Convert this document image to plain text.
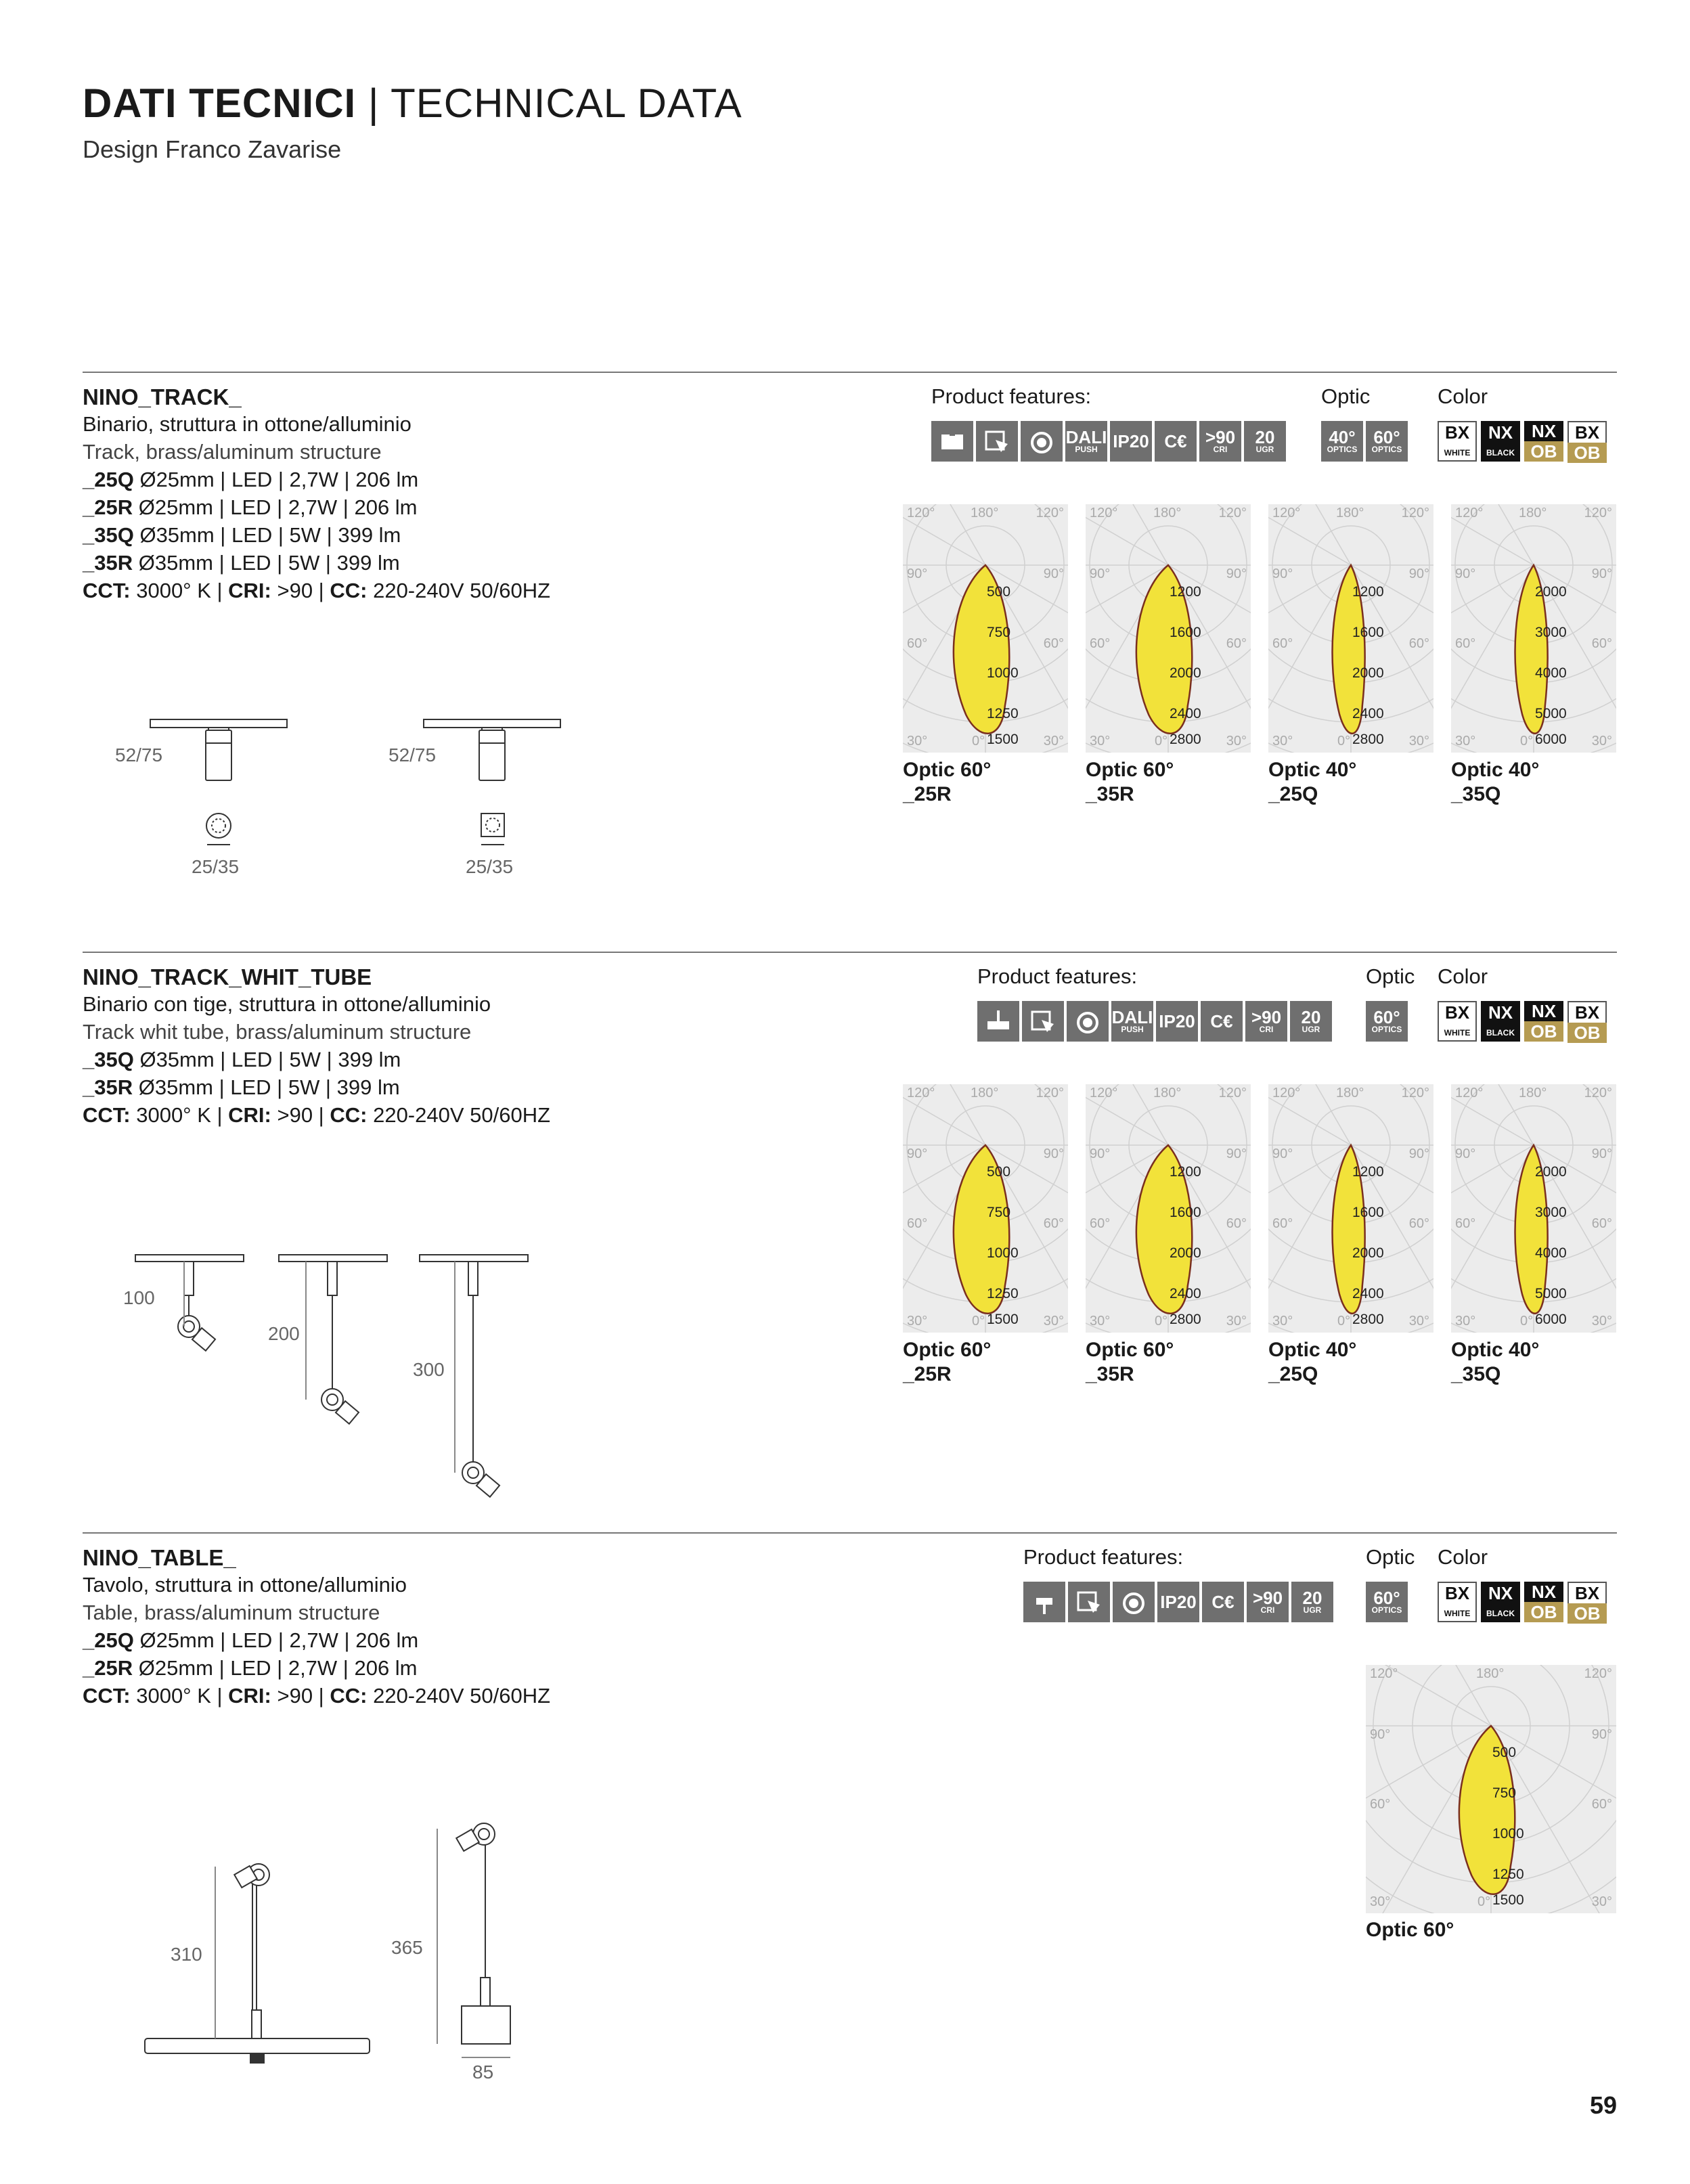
DATI TECNICI | TECHNICAL DATA
Design Franco Zavarise
NINO_TRACK_
Binario, struttura in ottone/alluminio
Track, brass/aluminum structure
_25Q Ø25mm | LED | 2,7W | 206 lm
_25R Ø25mm | LED | 2,7W | 206 lm
_35Q Ø35mm | LED | 5W | 399 lm
_35R Ø35mm | LED | 5W | 399 lm
CCT: 3000° K | CRI: >90 | CC: 220-240V 50/60HZ
Product features:	Optic	Color
DALI
PUSH IP20 C€ >90
CRI
20
UGR
40°
OPTICS
60°
OPTICS
BX
WHITE
NX
BLACK
NX
OB
BX
OB
120°	180°	120°
90°	90°
60°	60°
30°	30°
0°
500
750
1000
1250
1500
120°	180°	120°
90°	90°
60°	60°
30°	30°
0°
1200
1600
2000
2400
2800
120°	180°	120°
90°	90°
60°	60°
30°	30°
0°
1200
1600
2000
2400
2800
120°	180°	120°
90°	90°
60°	60°
30°	30°
0°
2000
3000
4000
5000
6000
Optic 60°
_25R
Optic 60°
_35R
Optic 40°
_25Q
Optic 40°
_35Q
52/75
25/35
52/75
25/35
NINO_TRACK_WHIT_TUBE
Binario con tige, struttura in ottone/alluminio
Track whit tube, brass/aluminum structure
_35Q Ø35mm | LED | 5W | 399 lm
_35R Ø35mm | LED | 5W | 399 lm
CCT: 3000° K | CRI: >90 | CC: 220-240V 50/60HZ
Product features:	Optic Color
DALI
PUSH IP20 C€ >90
CRI
20
UGR
60°
OPTICS
BX
WHITE
NX
BLACK
NX
OB
BX
OB
120°	180°	120°
90°	90°
60°	60°
30°	30°
0°
500
750
1000
1250
1500
120°	180°	120°
90°	90°
60°	60°
30°	30°
0°
1200
1600
2000
2400
2800
120°	180°	120°
90°	90°
60°	60°
30°	30°
0°
1200
1600
2000
2400
2800
120°	180°	120°
90°	90°
60°	60°
30°	30°
0°
2000
3000
4000
5000
6000
Optic 60°
_25R
Optic 60°
_35R
Optic 40°
_25Q
Optic 40°
_35Q
100
200
300
NINO_TABLE_
Tavolo, struttura in ottone/alluminio
Table, brass/aluminum structure
_25Q Ø25mm | LED | 2,7W | 206 lm
_25R Ø25mm | LED | 2,7W | 206 lm
CCT: 3000° K | CRI: >90 | CC: 220-240V 50/60HZ
Product features:	Optic Color
IP20 C€ >90
CRI
20
UGR
60°
OPTICS
BX
WHITE
NX
BLACK
NX
OB
BX
OB
120°	180°	120°
90°	90°
60°	60°
30°	30°
0°
500
750
1000
1250
1500
Optic 60°
310	365
85
59
